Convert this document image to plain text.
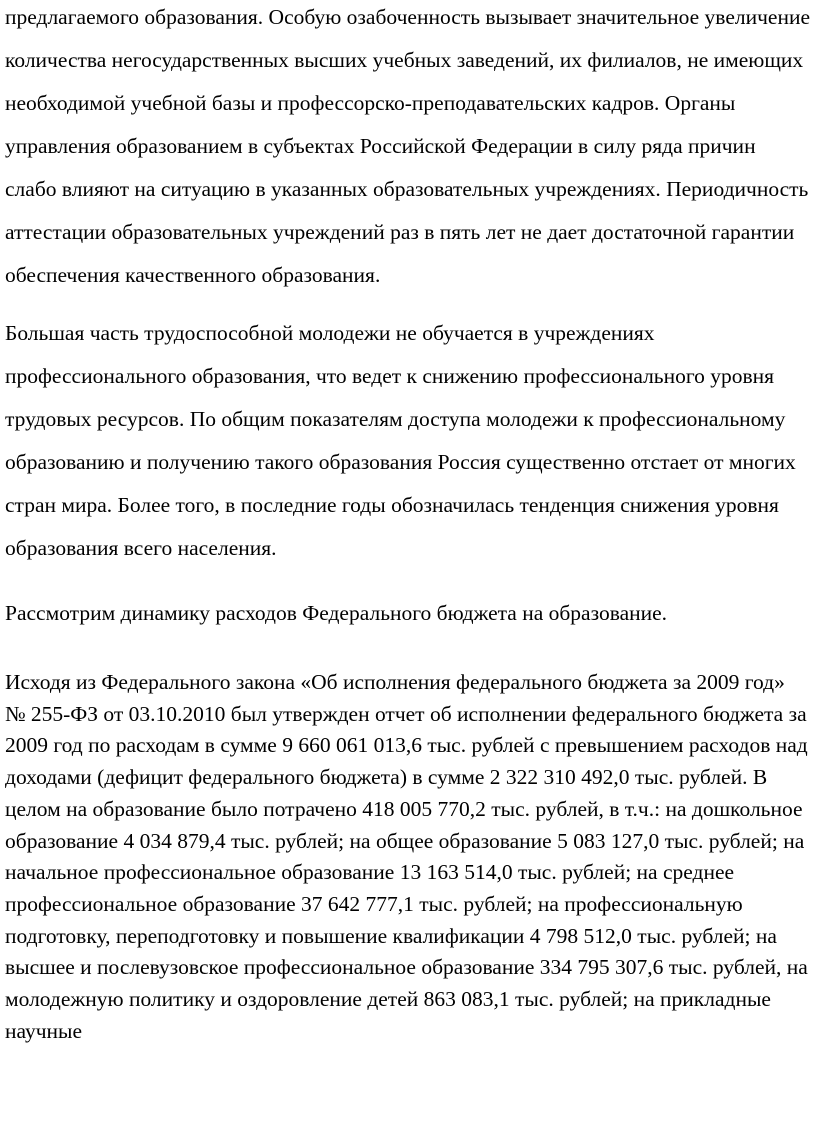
предлагаемого образования. Особую озабоченность вызывает значительное увеличение количества негосударственных высших учебных заведений, их филиалов, не имеющих необходимой учебной базы и профессорско-преподавательских кадров. Органы управления образованием в субъектах Российской Федерации в силу ряда причин слабо влияют на ситуацию в указанных образовательных учреждениях. Периодичность аттестации образовательных учреждений раз в пять лет не дает достаточной гарантии обеспечения качественного образования.

Большая часть трудоспособной молодежи не обучается в учреждениях профессионального образования, что ведет к снижению профессионального уровня трудовых ресурсов. По общим показателям доступа молодежи к профессиональному образованию и получению такого образования Россия существенно отстает от многих стран мира. Более того, в последние годы обозначилась тенденция снижения уровня образования всего населения.

Рассмотрим динамику расходов Федерального бюджета на образование.

Исходя из Федерального закона «Об исполнения федерального бюджета за 2009 год» № 255-ФЗ от 03.10.2010 был утвержден отчет об исполнении федерального бюджета за 2009 год по расходам в сумме 9 660 061 013,6 тыс. рублей с превышением расходов над доходами (дефицит федерального бюджета) в сумме 2 322 310 492,0 тыс. рублей. В целом на образование было потрачено 418 005 770,2 тыс. рублей, в т.ч.: на дошкольное образование 4 034 879,4 тыс. рублей; на общее образование 5 083 127,0 тыс. рублей; на начальное профессиональное образование 13 163 514,0 тыс. рублей; на среднее профессиональное образование 37 642 777,1 тыс. рублей; на профессиональную подготовку, переподготовку и повышение квалификации 4 798 512,0 тыс. рублей; на высшее и послевузовское профессиональное образование 334 795 307,6 тыс. рублей, на молодежную политику и оздоровление детей 863 083,1 тыс. рублей; на прикладные научные
